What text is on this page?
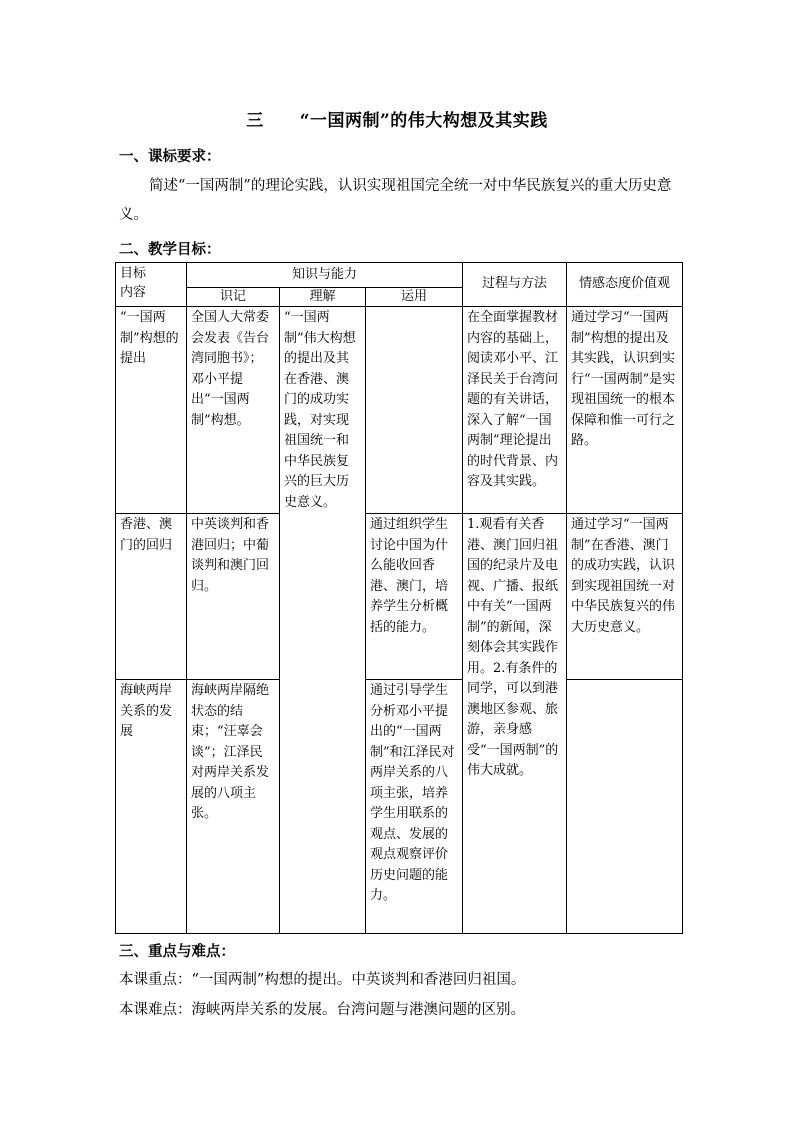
三 “一国两制”的伟大构想及其实践
一、课标要求：
简述“一国两制”的理论实践，认识实现祖国完全统一对中华民族复兴的重大历史意义。
二、教学目标：
目标
内容	知识与能力			过程与方法	情感态度价值观
	识记	理解	运用		
“一国两制”构想的提出	全国人大常委会发表《告台湾同胞书》；邓小平提出“一国两制”构想。	“一国两制”伟大构想的提出及其在香港、澳门的成功实践，对实现祖国统一和中华民族复兴的巨大历史意义。		在全面掌握教材内容的基础上，阅读邓小平、江泽民关于台湾问题的有关讲话，深入了解“一国两制”理论提出的时代背景、内容及其实践。	通过学习“一国两制”构想的提出及其实践，认识到实行“一国两制”是实现祖国统一的根本保障和惟一可行之路。
香港、澳门的回归	中英谈判和香港回归；中葡谈判和澳门回归。		通过组织学生讨论中国为什么能收回香港、澳门，培养学生分析概括的能力。	1.观看有关香港、澳门回归祖国的纪录片及电视、广播、报纸中有关“一国两制”的新闻，深刻体会其实践作用。2.有条件的同学，可以到港澳地区参观、旅游，亲身感受“一国两制”的伟大成就。	通过学习“一国两制”在香港、澳门的成功实践，认识到实现祖国统一对中华民族复兴的伟大历史意义。
海峡两岸关系的发展	海峡两岸隔绝状态的结束；“汪辜会谈”；江泽民对两岸关系发展的八项主张。		通过引导学生分析邓小平提出的“一国两制”和江泽民对两岸关系的八项主张，培养学生用联系的观点、发展的观点观察评价历史问题的能力。		
三、重点与难点：
本课重点：“一国两制”构想的提出。中英谈判和香港回归祖国。
本课难点：海峡两岸关系的发展。台湾问题与港澳问题的区别。
